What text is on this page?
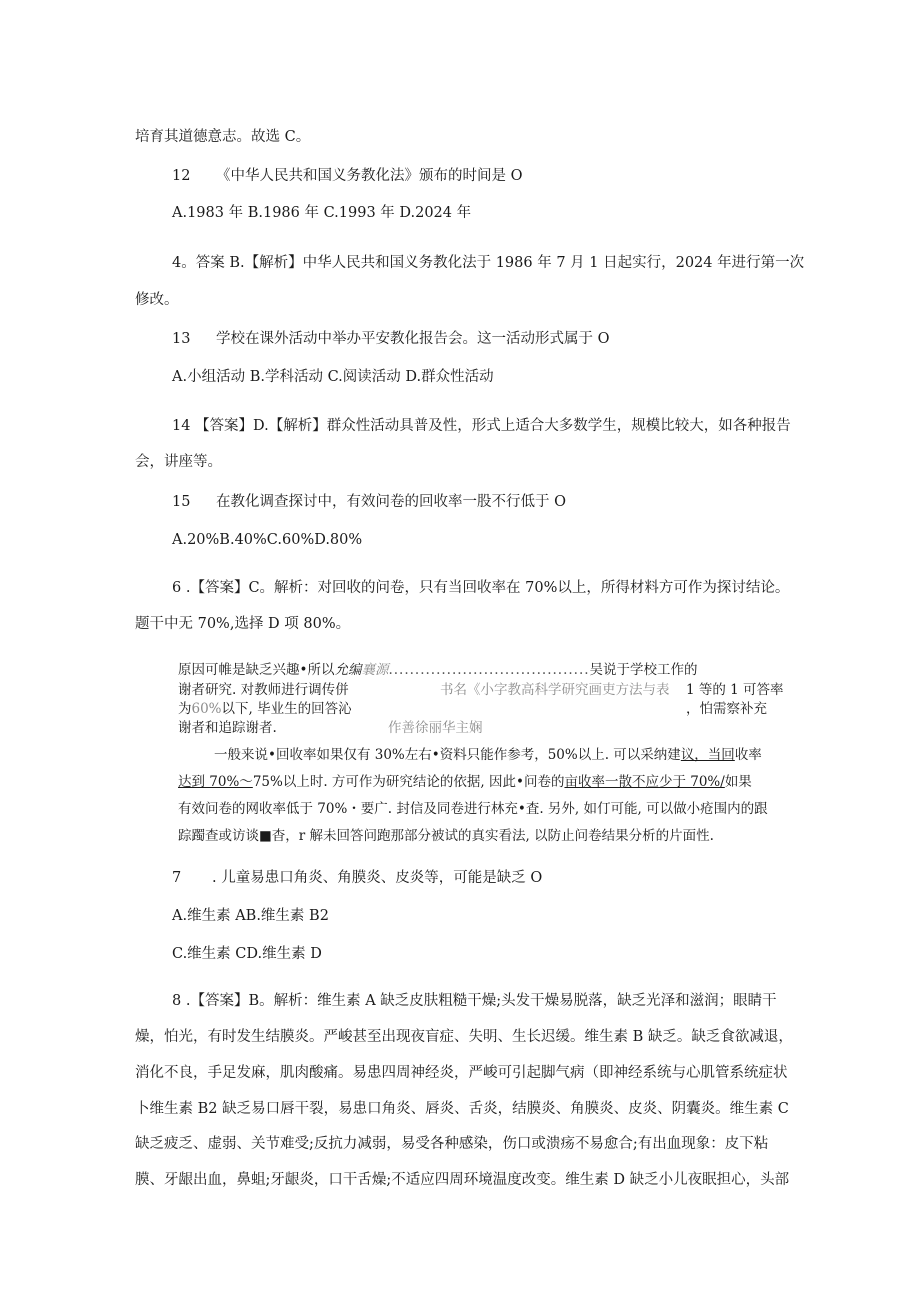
培育其道德意志。故选 C。
12 《中华人民共和国义务教化法》颁布的时间是 O
A.1983 年 B.1986 年 C.1993 年 D.2024 年
4。答案 B.【解析】中华人民共和国义务教化法于 1986 年 7 月 1 日起实行，2024 年进行第一次
修改。
13 学校在课外活动中举办平安教化报告会。这一活动形式属于 O
A.小组活动 B.学科活动 C.阅读活动 D.群众性活动
14 【答案】D.【解析】群众性活动具普及性，形式上适合大多数学生，规模比较大，如各种报告
会，讲座等。
15 在教化调查探讨中，有效问卷的回收率一股不行低于 O
A.20%B.40%C.60%D.80%
6 .【答案】C。解析：对回收的问卷，只有当回收率在 70%以上，所得材料方可作为探讨结论。
题干中无 70%,选择 D 项 80%。
原因可帷是缺乏兴趣•所以允编襄源......................................吴说于学校工作的
谢者研究. 对教师进行调传併	书名《小字教高科学研究画吏方法与表 1 等的 1 可答率
为60%以下, 毕业生的回答沁	，怕需察补充
谢者和追踪谢者.	作善徐丽华主娴
一般来说•回收率如果仅有 30%左右•资料只能作参考，50%以上. 可以采纳建议，当回收率
达到 70%〜75%以上时. 方可作为研究结论的依据, 因此•问卷的亩收率一散不应少于 70%/如果
有效问卷的网收率低于 70%・要广. 封信及同卷进行林充•査. 另外, 如仃可能, 可以做小疮围内的跟
踪躅查或访谈■杳，r 解未回答问跑那部分被试的真实看法, 以防止问卷结果分析的片面性.
7 . 儿童易患口角炎、角膜炎、皮炎等，可能是缺乏 O
A.维生素 AB.维生素 B2
C.维生素 CD.维生素 D
8 .【答案】B。解析：维生素 A 缺乏皮肤粗糙干燥;头发干燥易脱落，缺乏光泽和滋润；眼睛干
燥，怕光，有时发生结膜炎。严峻甚至出现夜盲症、失明、生长迟缓。维生素 B 缺乏。缺乏食欲减退，
消化不良，手足发麻，肌肉酸痛。易患四周神经炎，严峻可引起脚气病（即神经系统与心肌管系统症状
卜维生素 B2 缺乏易口唇干裂，易患口角炎、唇炎、舌炎，结膜炎、角膜炎、皮炎、阴囊炎。维生素 C
缺乏疲乏、虚弱、关节难受;反抗力减弱，易受各种感染，伤口或溃疡不易愈合;有出血现象：皮下粘
膜、牙龈出血，鼻蛆;牙龈炎，口干舌燥;不适应四周环境温度改变。维生素 D 缺乏小儿夜眠担心，头部
